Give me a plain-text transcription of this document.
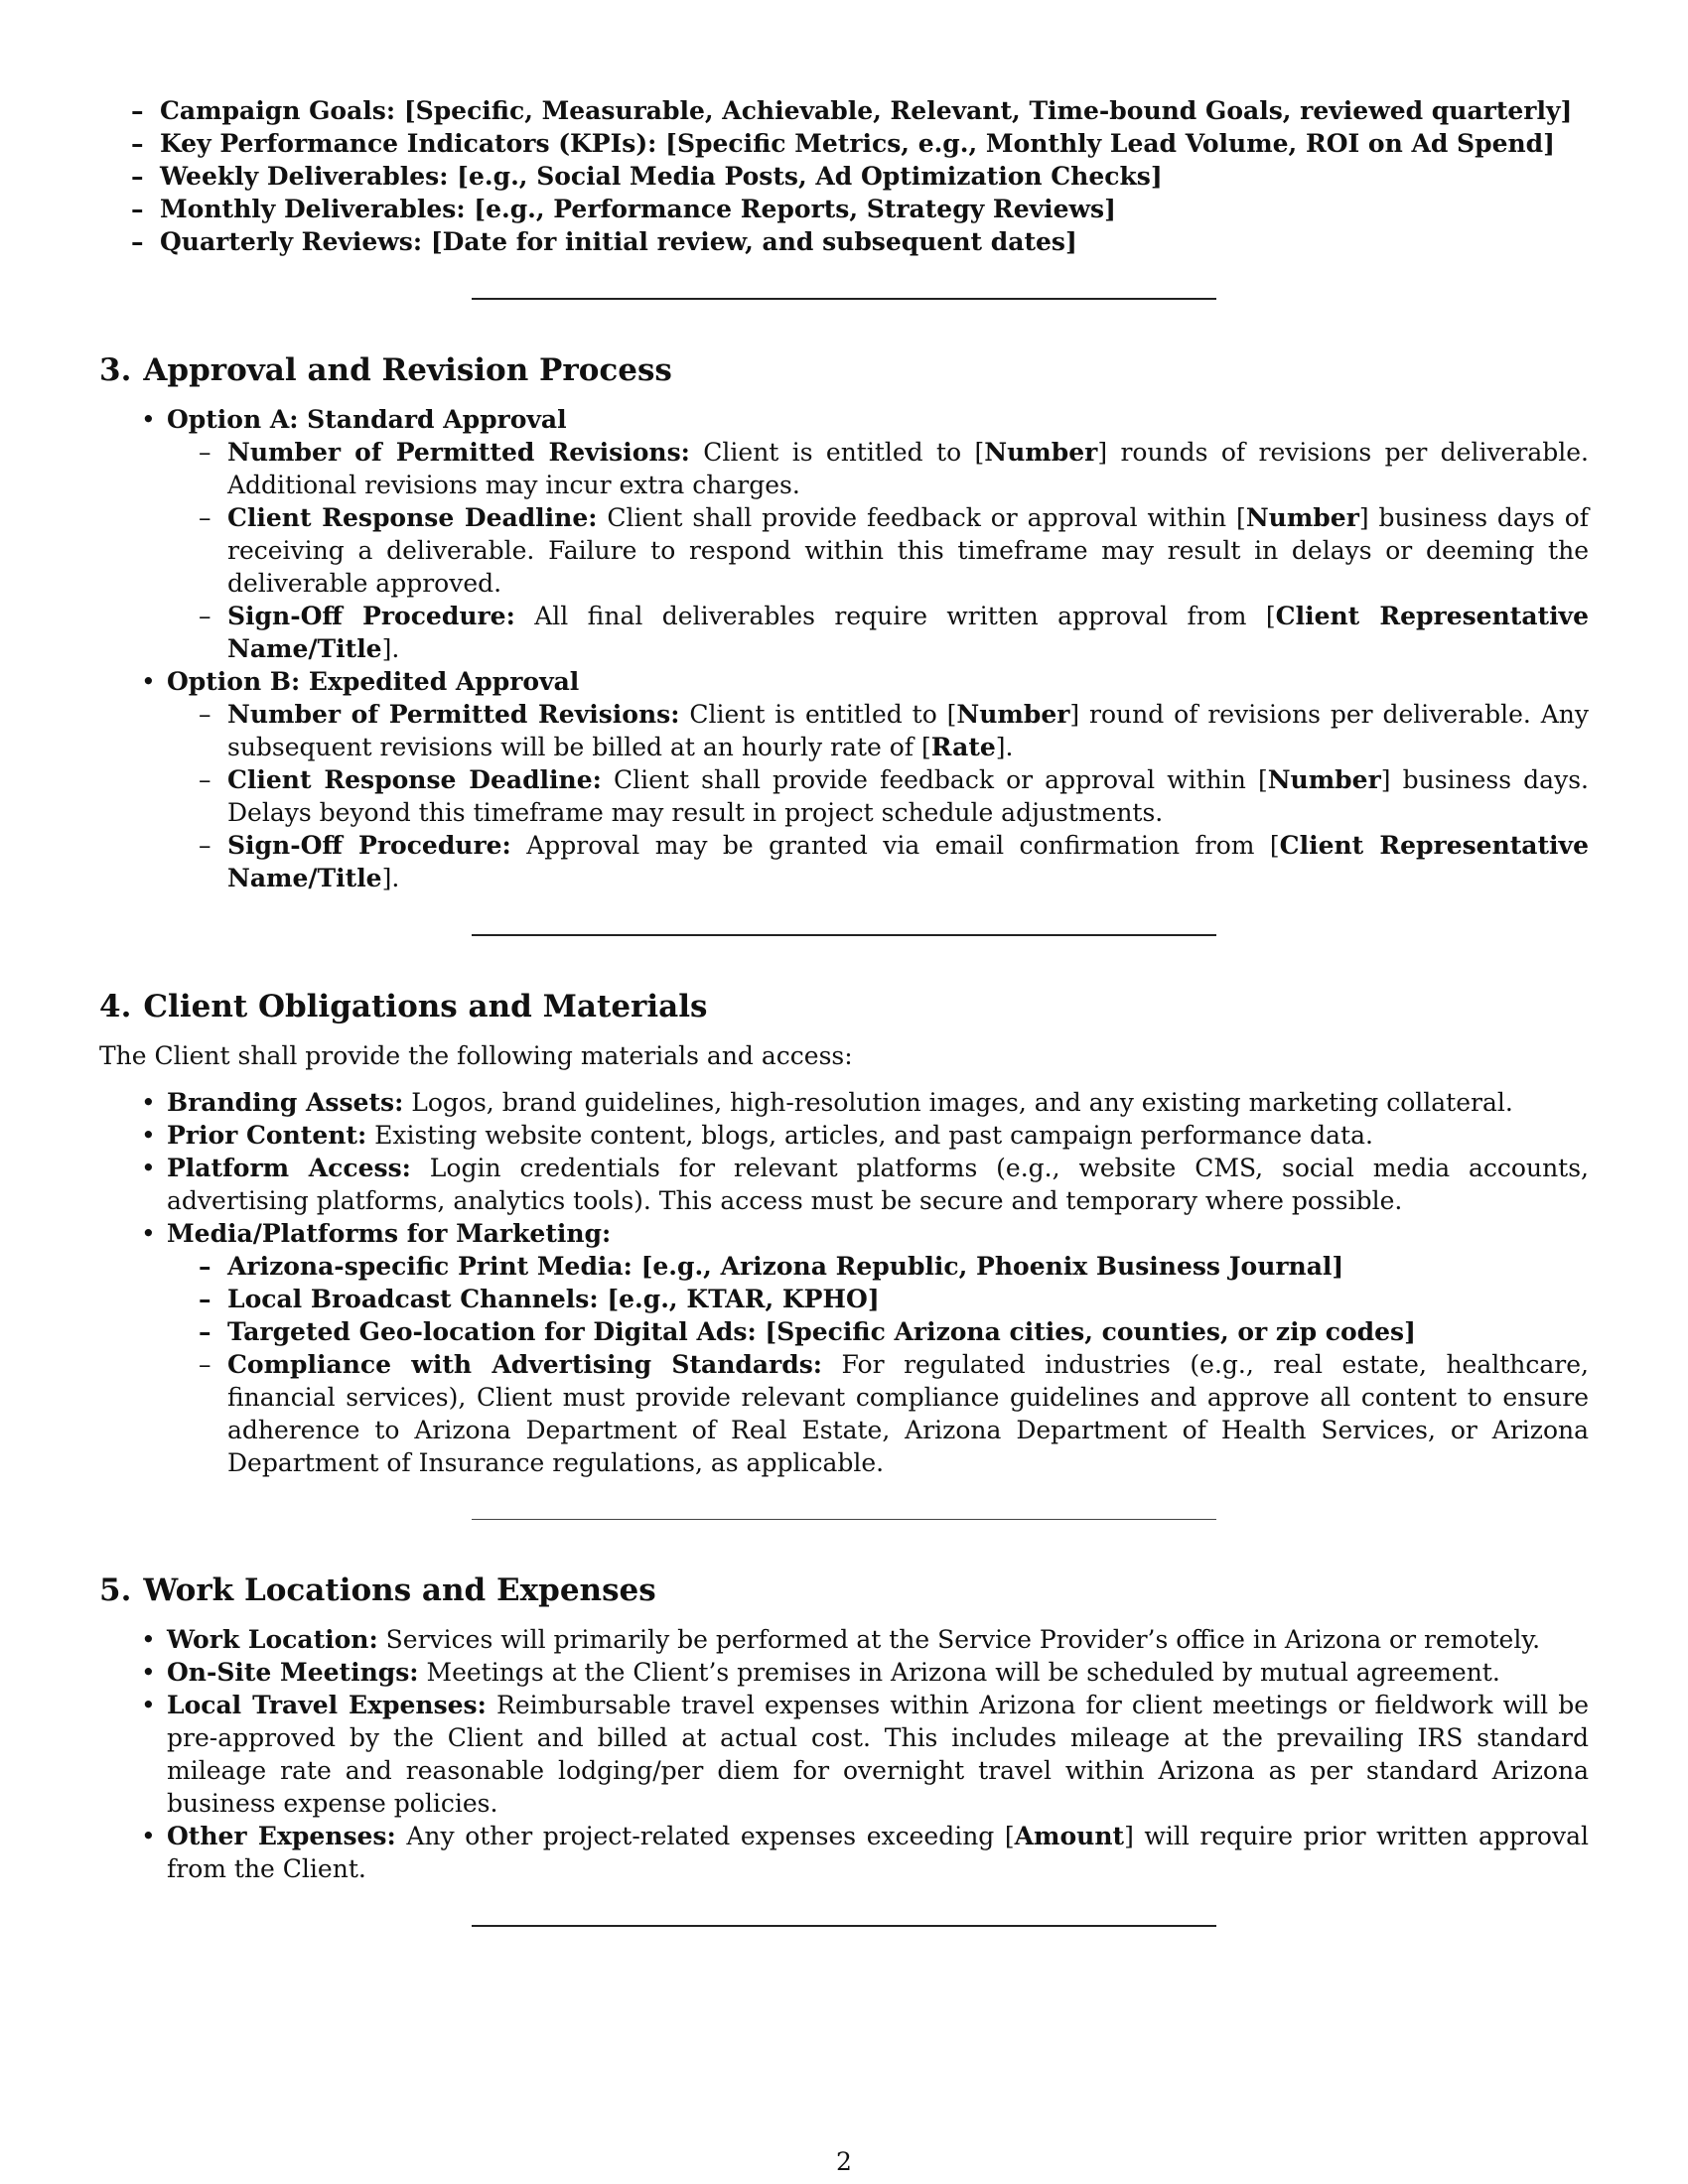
– Campaign Goals: [Specific, Measurable, Achievable, Relevant, Time-bound Goals, reviewed quarterly]
– Key Performance Indicators (KPIs): [Specific Metrics, e.g., Monthly Lead Volume, ROI on Ad Spend]
– Weekly Deliverables: [e.g., Social Media Posts, Ad Optimization Checks]
– Monthly Deliverables: [e.g., Performance Reports, Strategy Reviews]
– Quarterly Reviews: [Date for initial review, and subsequent dates]
3. Approval and Revision Process
• Option A: Standard Approval
– Number of Permitted Revisions: Client is entitled to [Number] rounds of revisions per deliverable. Additional revisions may incur extra charges.
– Client Response Deadline: Client shall provide feedback or approval within [Number] business days of receiving a deliverable. Failure to respond within this timeframe may result in delays or deeming the deliverable approved.
– Sign-Off Procedure: All final deliverables require written approval from [Client Representative Name/Title].
• Option B: Expedited Approval
– Number of Permitted Revisions: Client is entitled to [Number] round of revisions per deliverable. Any subsequent revisions will be billed at an hourly rate of [Rate].
– Client Response Deadline: Client shall provide feedback or approval within [Number] business days. Delays beyond this timeframe may result in project schedule adjustments.
– Sign-Off Procedure: Approval may be granted via email confirmation from [Client Representative Name/Title].
4. Client Obligations and Materials

The Client shall provide the following materials and access:

• Branding Assets: Logos, brand guidelines, high-resolution images, and any existing marketing collateral.
• Prior Content: Existing website content, blogs, articles, and past campaign performance data.
• Platform Access: Login credentials for relevant platforms (e.g., website CMS, social media accounts, advertising platforms, analytics tools). This access must be secure and temporary where possible.
• Media/Platforms for Marketing:
– Arizona-specific Print Media: [e.g., Arizona Republic, Phoenix Business Journal]
– Local Broadcast Channels: [e.g., KTAR, KPHO]
– Targeted Geo-location for Digital Ads: [Specific Arizona cities, counties, or zip codes]
– Compliance with Advertising Standards: For regulated industries (e.g., real estate, healthcare, financial services), Client must provide relevant compliance guidelines and approve all content to ensure adherence to Arizona Department of Real Estate, Arizona Department of Health Services, or Arizona Department of Insurance regulations, as applicable.
5. Work Locations and Expenses
• Work Location: Services will primarily be performed at the Service Provider’s office in Arizona or remotely.
• On-Site Meetings: Meetings at the Client’s premises in Arizona will be scheduled by mutual agreement.
• Local Travel Expenses: Reimbursable travel expenses within Arizona for client meetings or fieldwork will be pre-approved by the Client and billed at actual cost. This includes mileage at the prevailing IRS standard mileage rate and reasonable lodging/per diem for overnight travel within Arizona as per standard Arizona business expense policies.
• Other Expenses: Any other project-related expenses exceeding [Amount] will require prior written approval from the Client.
2
